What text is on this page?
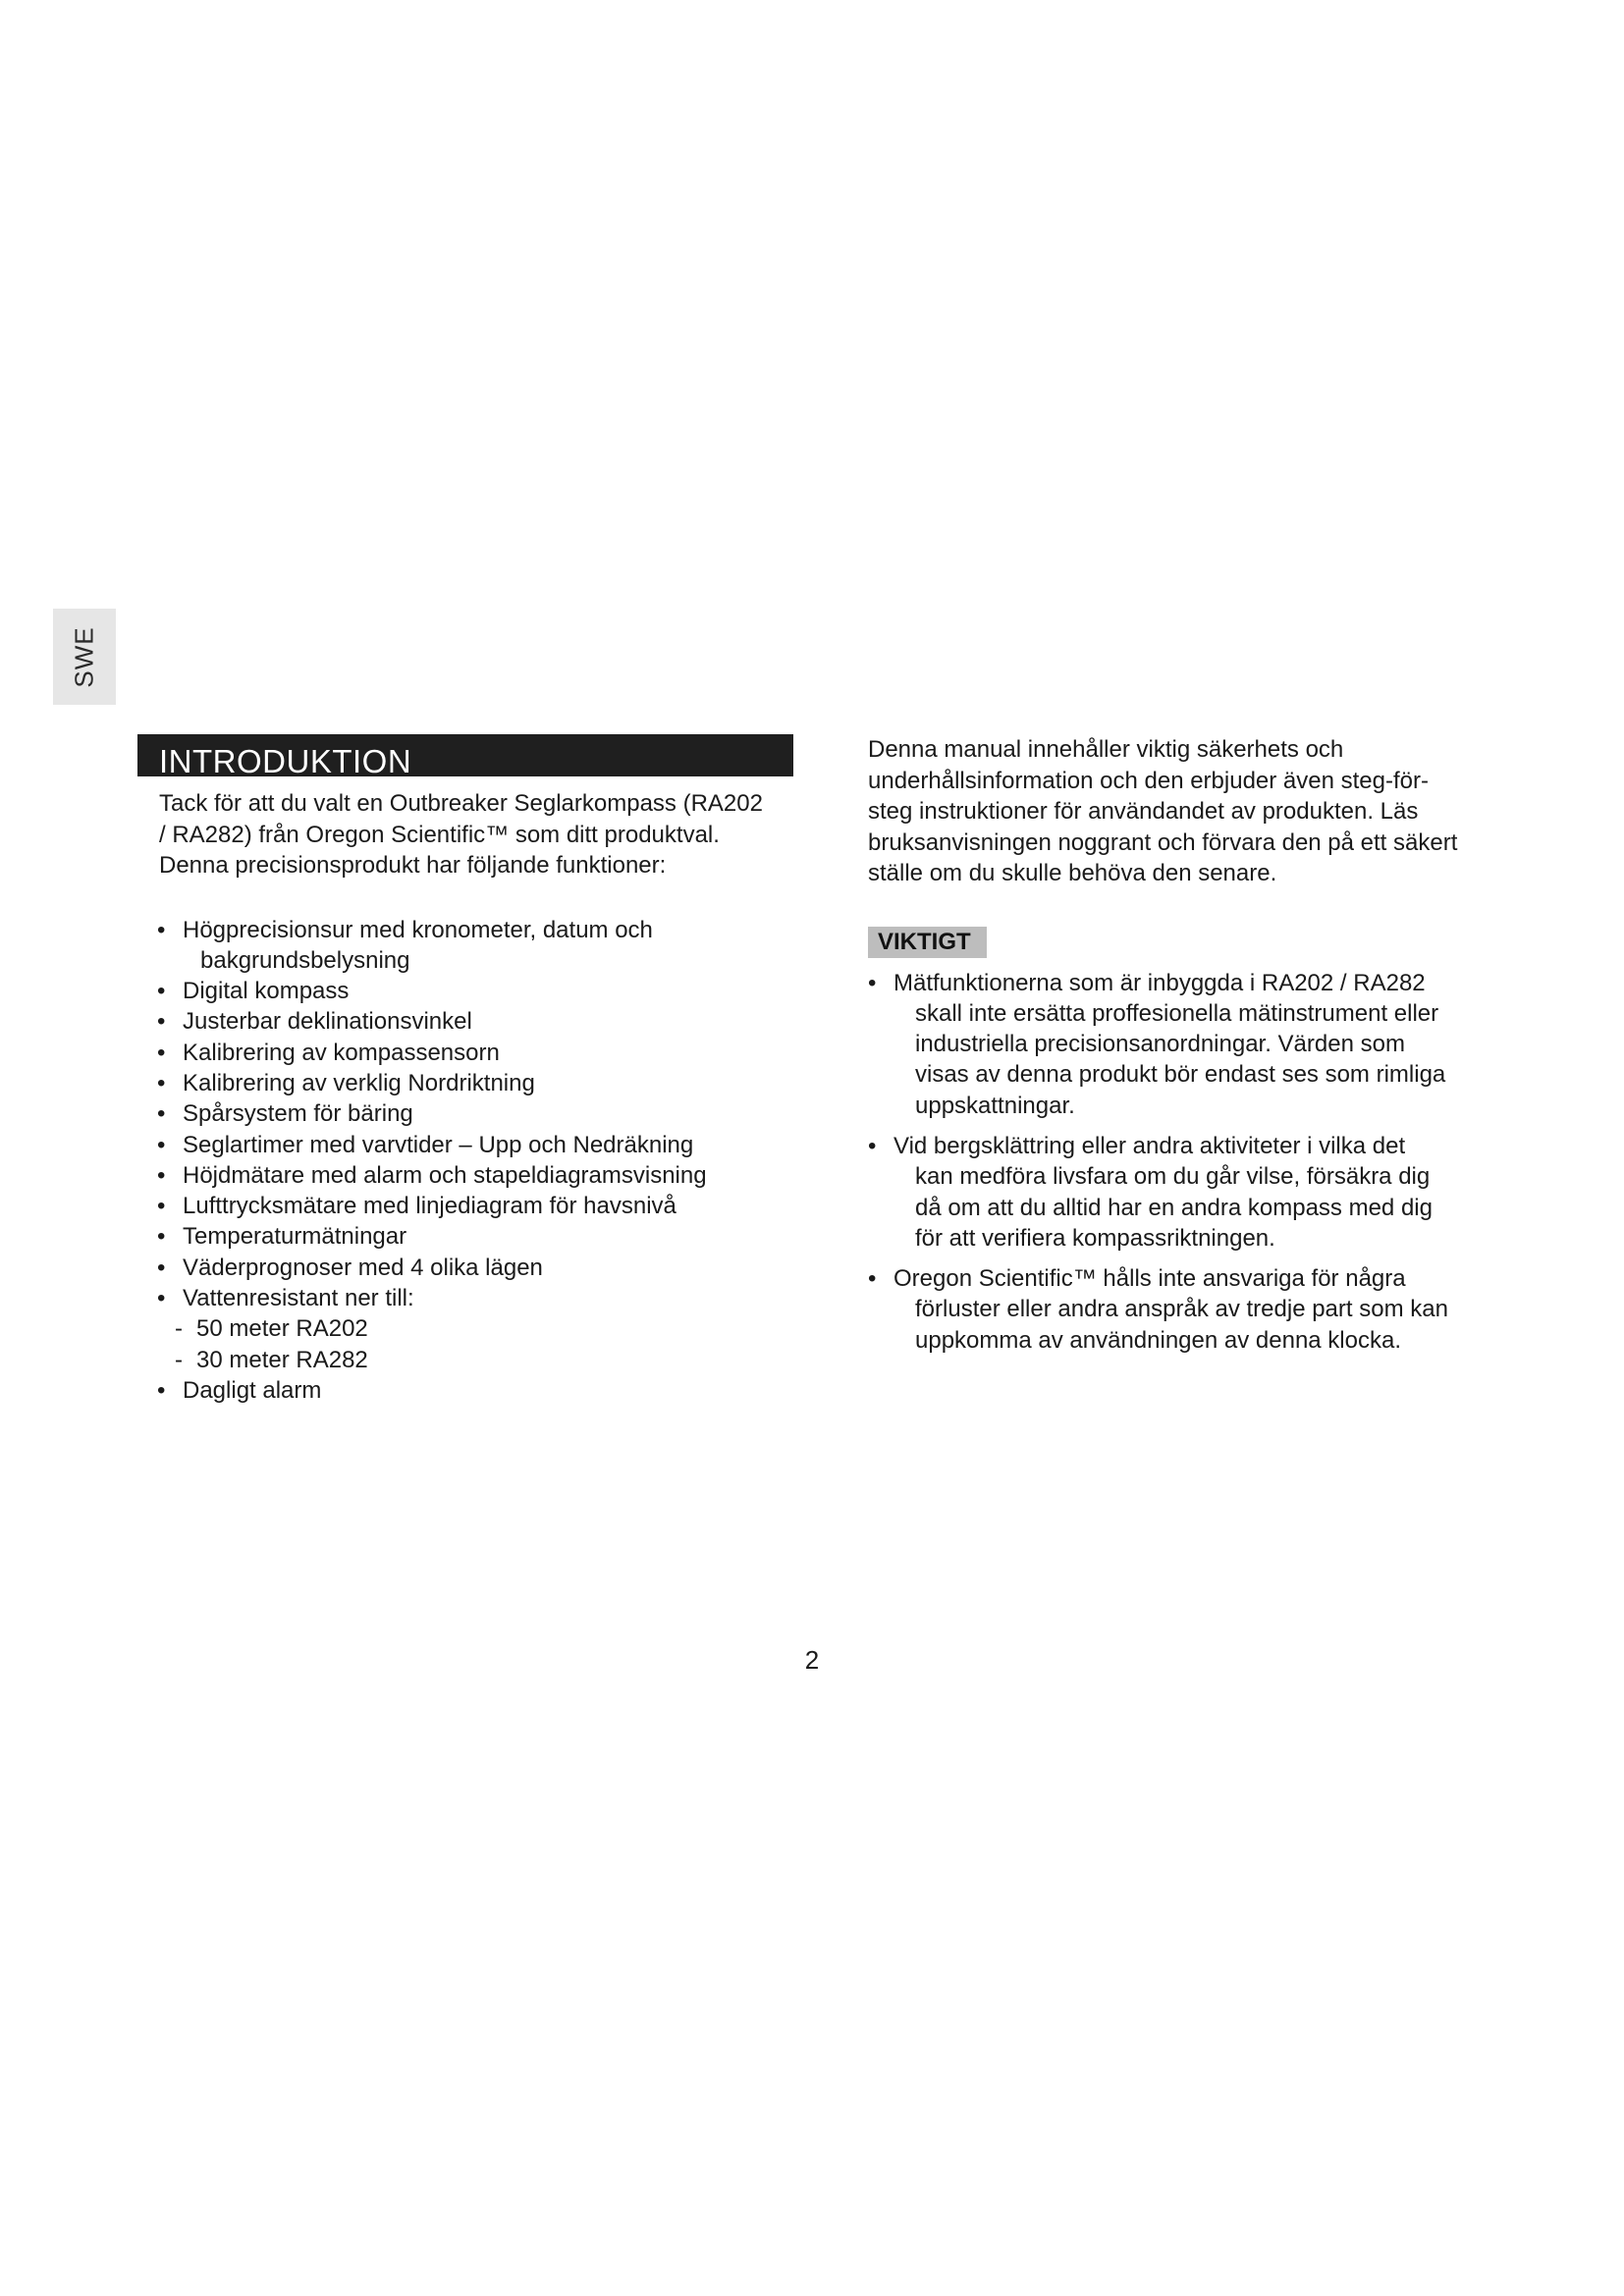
SWE
INTRODUKTION
Tack för att du valt en Outbreaker Seglarkompass (RA202
/ RA282) från Oregon Scientific™ som ditt produktval.
Denna precisionsprodukt har följande funktioner:
• Högprecisionsur med kronometer, datum och
bakgrundsbelysning
• Digital kompass
• Justerbar deklinationsvinkel
• Kalibrering av kompassensorn
• Kalibrering av verklig Nordriktning
• Spårsystem för bäring
• Seglartimer med varvtider – Upp och Nedräkning
• Höjdmätare med alarm och stapeldiagramsvisning
• Lufttrycksmätare med linjediagram för havsnivå
• Temperaturmätningar
• Väderprognoser med 4 olika lägen
• Vattenresistant ner till:
- 50 meter RA202
- 30 meter RA282
• Dagligt alarm
Denna manual innehåller viktig säkerhets och
underhållsinformation och den erbjuder även steg-för-
steg instruktioner för användandet av produkten. Läs
bruksanvisningen noggrant och förvara den på ett säkert
ställe om du skulle behöva den senare.
VIKTIGT
• Mätfunktionerna som är inbyggda i RA202 / RA282
skall inte ersätta proffesionella mätinstrument eller
industriella precisionsanordningar. Värden som
visas av denna produkt bör endast ses som rimliga
uppskattningar.
• Vid bergsklättring eller andra aktiviteter i vilka det
kan medföra livsfara om du går vilse, försäkra dig
då om att du alltid har en andra kompass med dig
för att verifiera kompassriktningen.
• Oregon Scientific™ hålls inte ansvariga för några
förluster eller andra anspråk av tredje part som kan
uppkomma av användningen av denna klocka.
2
